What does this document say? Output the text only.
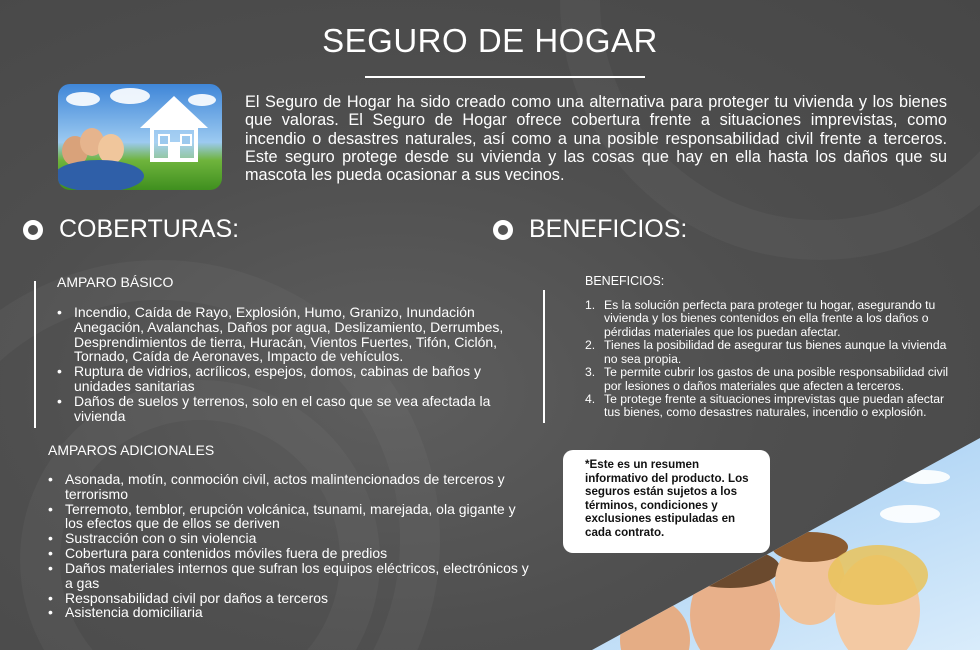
SEGURO DE HOGAR
El Seguro de Hogar ha sido creado como una alternativa para proteger tu vivienda y los bienes que valoras. El Seguro de Hogar ofrece cobertura frente a situaciones imprevistas, como incendio o desastres naturales, así como a una posible responsabilidad civil frente a terceros. Este seguro protege desde su vivienda y las cosas que hay en ella hasta los daños que su mascota les pueda ocasionar a sus vecinos.
COBERTURAS:
AMPARO BÁSICO
• Incendio, Caída de Rayo, Explosión, Humo, Granizo, Inundación Anegación, Avalanchas, Daños por agua, Deslizamiento, Derrumbes, Desprendimientos de tierra, Huracán, Vientos Fuertes, Tifón, Ciclón, Tornado, Caída de Aeronaves, Impacto de vehículos.
• Ruptura de vidrios, acrílicos, espejos, domos, cabinas de baños y unidades sanitarias
• Daños de suelos y terrenos, solo en el caso que se vea afectada la vivienda
AMPAROS ADICIONALES
• Asonada, motín, conmoción civil, actos malintencionados de terceros y terrorismo
• Terremoto, temblor, erupción volcánica, tsunami, marejada, ola gigante y los efectos que de ellos se deriven
• Sustracción con o sin violencia
• Cobertura para contenidos móviles fuera de predios
• Daños materiales internos que sufran los equipos eléctricos, electrónicos y a gas
• Responsabilidad civil por daños a terceros
• Asistencia domiciliaria
BENEFICIOS:
BENEFICIOS:
1. Es la solución perfecta para proteger tu hogar, asegurando tu vivienda y los bienes contenidos en ella frente a los daños o pérdidas materiales que los puedan afectar.
2. Tienes la posibilidad de asegurar tus bienes aunque la vivienda no sea propia.
3. Te permite cubrir los gastos de una posible responsabilidad civil por lesiones o daños materiales que afecten a terceros.
4. Te protege frente a situaciones imprevistas que puedan afectar tus bienes, como desastres naturales, incendio o explosión.
*Este es un resumen informativo del producto. Los seguros están sujetos a los términos, condiciones y exclusiones estipuladas en cada contrato.
